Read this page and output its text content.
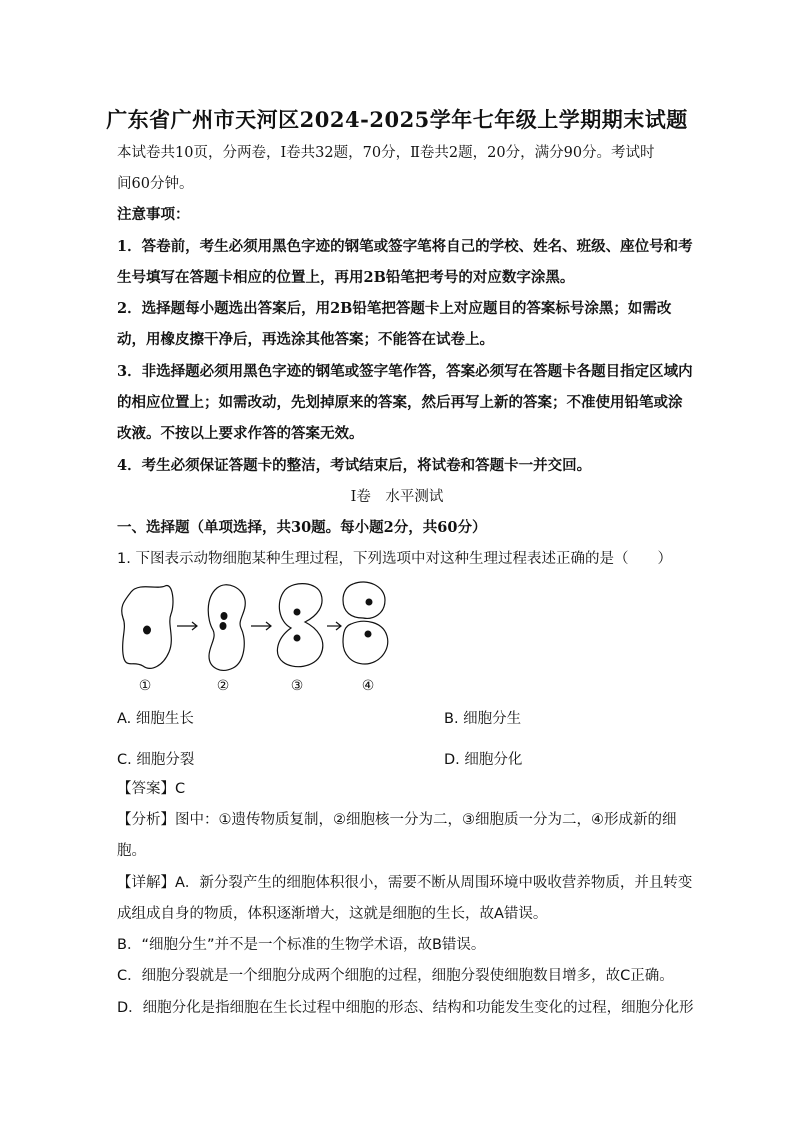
广东省广州市天河区2024-2025学年七年级上学期期末试题
本试卷共10页，分两卷，Ⅰ卷共32题，70分，Ⅱ卷共2题，20分，满分90分。考试时
间60分钟。
注意事项：
1．答卷前，考生必须用黑色字迹的钢笔或签字笔将自己的学校、姓名、班级、座位号和考
生号填写在答题卡相应的位置上，再用2B铅笔把考号的对应数字涂黑。
2．选择题每小题选出答案后，用2B铅笔把答题卡上对应题目的答案标号涂黑；如需改
动，用橡皮擦干净后，再选涂其他答案；不能答在试卷上。
3．非选择题必须用黑色字迹的钢笔或签字笔作答，答案必须写在答题卡各题目指定区域内
的相应位置上；如需改动，先划掉原来的答案，然后再写上新的答案；不准使用铅笔或涂
改液。不按以上要求作答的答案无效。
4．考生必须保证答题卡的整洁，考试结束后，将试卷和答题卡一并交回。
Ⅰ卷　水平测试
一、选择题（单项选择，共30题。每小题2分，共60分）
1. 下图表示动物细胞某种生理过程，下列选项中对这种生理过程表述正确的是（　　）
①	②	③	④
A. 细胞生长	B. 细胞分生
C. 细胞分裂	D. 细胞分化
【答案】C
【分析】图中：①遗传物质复制，②细胞核一分为二，③细胞质一分为二，④形成新的细
胞。
【详解】A．新分裂产生的细胞体积很小，需要不断从周围环境中吸收营养物质，并且转变
成组成自身的物质，体积逐渐增大，这就是细胞的生长，故A错误。
B．“细胞分生”并不是一个标准的生物学术语，故B错误。
C．细胞分裂就是一个细胞分成两个细胞的过程，细胞分裂使细胞数目增多，故C正确。
D．细胞分化是指细胞在生长过程中细胞的形态、结构和功能发生变化的过程，细胞分化形
